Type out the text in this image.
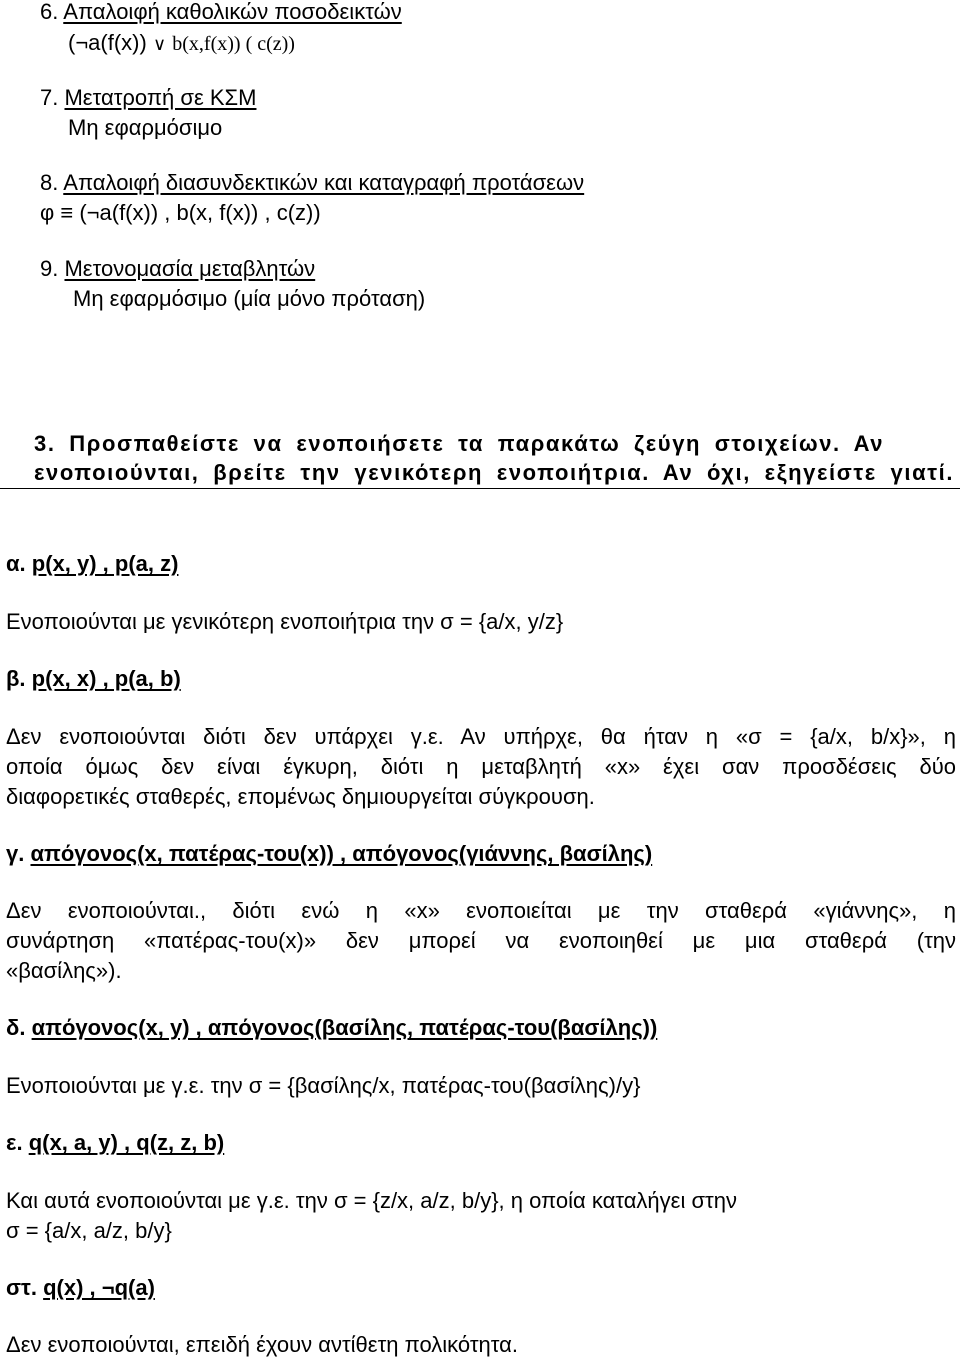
6. Απαλοιφή καθολικών ποσοδεικτών
(¬a(f(x)) ∨ b(x,f(x)) ( c(z))
7. Μετατροπή σε ΚΣΜ
Μη εφαρμόσιμο
8. Απαλοιφή διασυνδεκτικών και καταγραφή προτάσεων
φ ≡ (¬a(f(x)) , b(x, f(x)) , c(z))
9. Μετονομασία μεταβλητών
Μη εφαρμόσιμο (μία μόνο πρόταση)
3. Προσπαθείστε να ενοποιήσετε τα παρακάτω ζεύγη στοιχείων. Αν
ενοποιούνται, βρείτε την γενικότερη ενοποιήτρια. Αν όχι, εξηγείστε γιατί.
α. p(x, y) , p(a, z)
Ενοποιούνται με γενικότερη ενοποιήτρια την σ = {a/x, y/z}
β. p(x, x) , p(a, b)
Δεν ενοποιούνται διότι δεν υπάρχει γ.ε. Αν υπήρχε, θα ήταν η «σ = {a/x, b/x}», η
οποία όμως δεν είναι έγκυρη, διότι η μεταβλητή «x» έχει σαν προσδέσεις δύο
διαφορετικές σταθερές, επομένως δημιουργείται σύγκρουση.
γ. απόγονος(x, πατέρας-του(x)) , απόγονος(γιάννης, βασίλης)
Δεν ενοποιούνται., διότι ενώ η «x» ενοποιείται με την σταθερά «γιάννης», η
συνάρτηση «πατέρας-του(x)» δεν μπορεί να ενοποιηθεί με μια σταθερά (την
«βασίλης»).
δ. απόγονος(x, y) , απόγονος(βασίλης, πατέρας-του(βασίλης))
Ενοποιούνται με γ.ε. την σ = {βασίλης/x, πατέρας-του(βασίλης)/y}
ε. q(x, a, y) , q(z, z, b)
Και αυτά ενοποιούνται με γ.ε. την σ = {z/x, a/z, b/y}, η οποία καταλήγει στην
σ = {a/x, a/z, b/y}
στ. q(x) , ¬q(a)
Δεν ενοποιούνται, επειδή έχουν αντίθετη πολικότητα.
